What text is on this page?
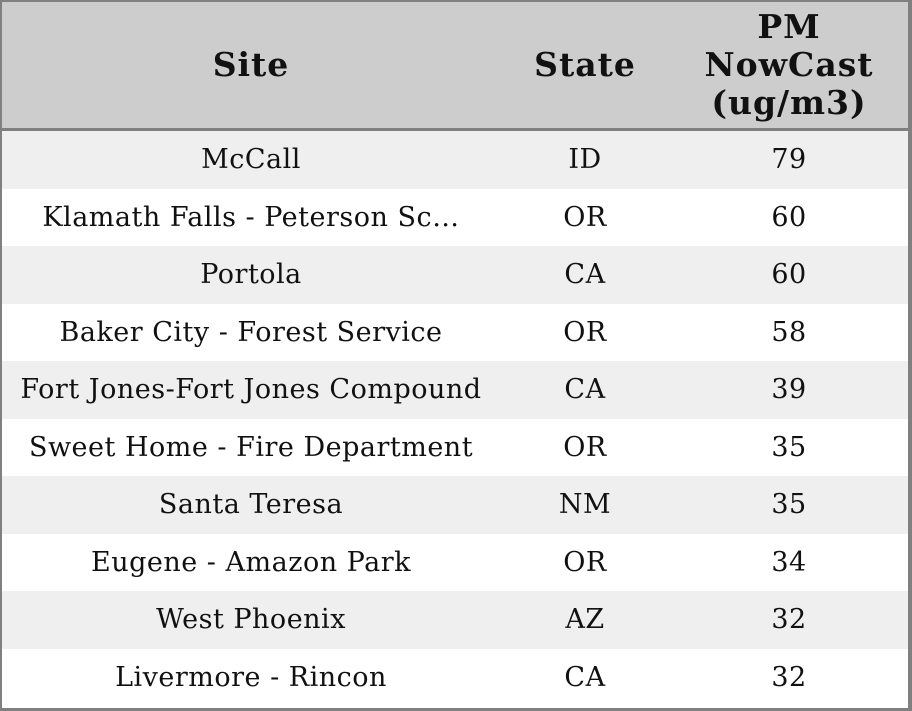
Site	State	PM NowCast (ug/m3)

McCall	ID	79
Klamath Falls - Peterson Sc…	OR	60
Portola	CA	60
Baker City - Forest Service	OR	58
Fort Jones-Fort Jones Compound	CA	39
Sweet Home - Fire Department	OR	35
Santa Teresa	NM	35
Eugene - Amazon Park	OR	34
West Phoenix	AZ	32
Livermore - Rincon	CA	32
